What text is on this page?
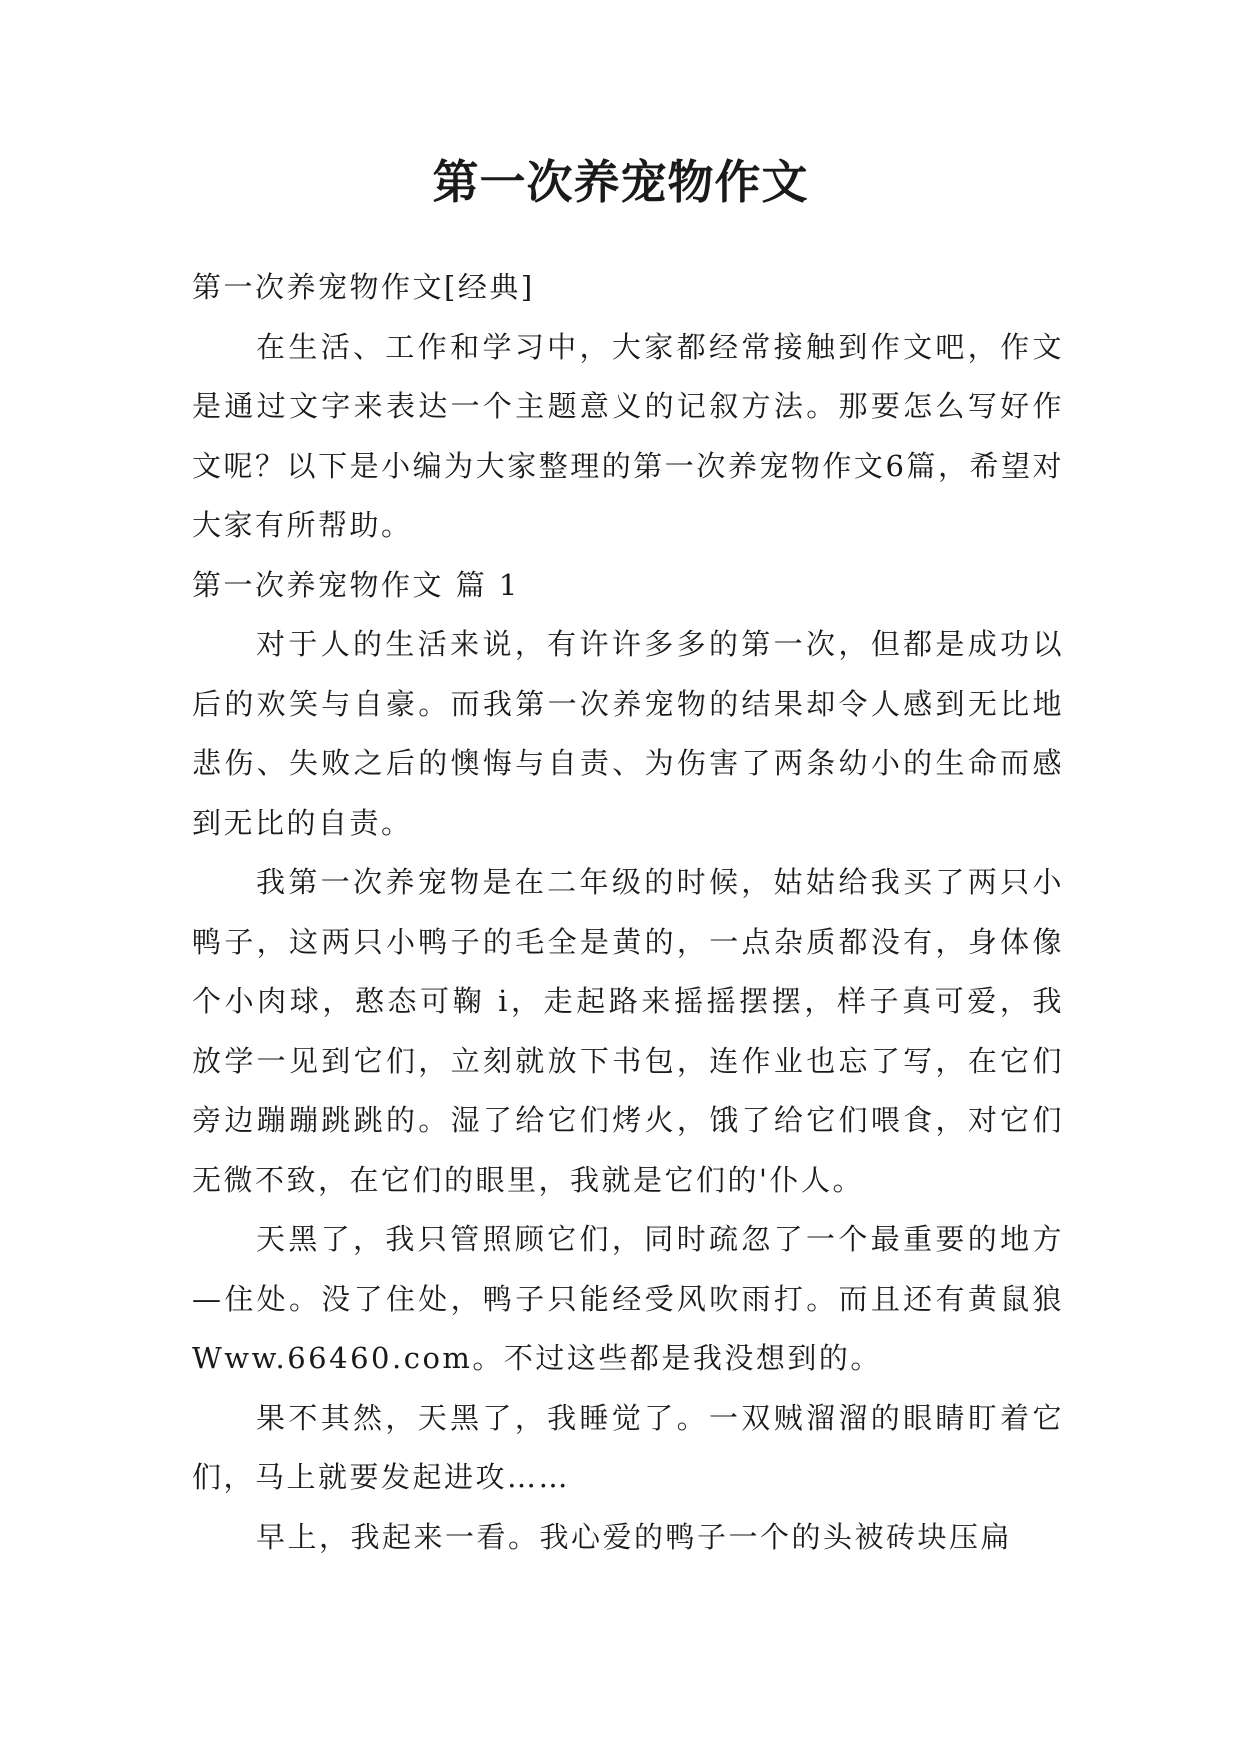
第一次养宠物作文

第一次养宠物作文[经典]

在生活、工作和学习中，大家都经常接触到作文吧，作文是通过文字来表达一个主题意义的记叙方法。那要怎么写好作文呢？以下是小编为大家整理的第一次养宠物作文6篇，希望对大家有所帮助。

第一次养宠物作文 篇 1

对于人的生活来说，有许许多多的第一次，但都是成功以后的欢笑与自豪。而我第一次养宠物的结果却令人感到无比地悲伤、失败之后的懊悔与自责、为伤害了两条幼小的生命而感到无比的自责。

我第一次养宠物是在二年级的时候，姑姑给我买了两只小鸭子，这两只小鸭子的毛全是黄的，一点杂质都没有，身体像个小肉球，憨态可鞠 i，走起路来摇摇摆摆，样子真可爱，我放学一见到它们，立刻就放下书包，连作业也忘了写，在它们旁边蹦蹦跳跳的。湿了给它们烤火，饿了给它们喂食，对它们无微不致，在它们的眼里，我就是它们的'仆人。

天黑了，我只管照顾它们，同时疏忽了一个最重要的地方—住处。没了住处，鸭子只能经受风吹雨打。而且还有黄鼠狼 Www.66460.com。不过这些都是我没想到的。

果不其然，天黑了，我睡觉了。一双贼溜溜的眼睛盯着它们，马上就要发起进攻……

早上，我起来一看。我心爱的鸭子一个的头被砖块压扁
